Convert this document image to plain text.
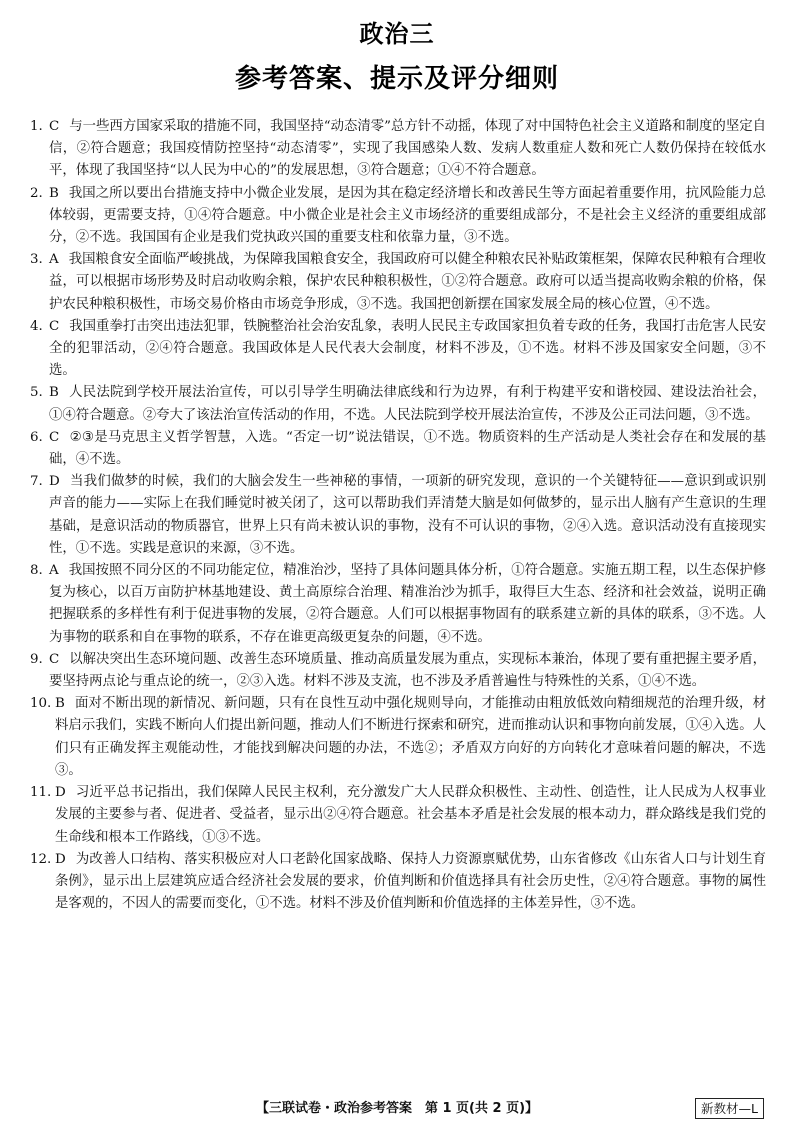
政治三
参考答案、提示及评分细则

1. C 与一些西方国家采取的措施不同，我国坚持“动态清零”总方针不动摇，体现了对中国特色社会主义道路和制度的坚定自信，②符合题意；我国疫情防控坚持“动态清零”，实现了我国感染人数、发病人数重症人数和死亡人数仍保持在较低水平，体现了我国坚持“以人民为中心的”的发展思想，③符合题意；①④不符合题意。

2. B 我国之所以要出台措施支持中小微企业发展，是因为其在稳定经济增长和改善民生等方面起着重要作用，抗风险能力总体较弱，更需要支持，①④符合题意。中小微企业是社会主义市场经济的重要组成部分，不是社会主义经济的重要组成部分，②不选。我国国有企业是我们党执政兴国的重要支柱和依靠力量，③不选。

3. A 我国粮食安全面临严峻挑战，为保障我国粮食安全，我国政府可以健全种粮农民补贴政策框架，保障农民种粮有合理收益，可以根据市场形势及时启动收购余粮，保护农民种粮积极性，①②符合题意。政府可以适当提高收购余粮的价格，保护农民种粮积极性，市场交易价格由市场竞争形成，③不选。我国把创新摆在国家发展全局的核心位置，④不选。

4. C 我国重拳打击突出违法犯罪，铁腕整治社会治安乱象，表明人民民主专政国家担负着专政的任务，我国打击危害人民安全的犯罪活动，②④符合题意。我国政体是人民代表大会制度，材料不涉及，①不选。材料不涉及国家安全问题，③不选。

5. B 人民法院到学校开展法治宣传，可以引导学生明确法律底线和行为边界，有利于构建平安和谐校园、建设法治社会，①④符合题意。②夸大了该法治宣传活动的作用，不选。人民法院到学校开展法治宣传，不涉及公正司法问题，③不选。

6. C ②③是马克思主义哲学智慧，入选。“否定一切”说法错误，①不选。物质资料的生产活动是人类社会存在和发展的基础，④不选。

7. D 当我们做梦的时候，我们的大脑会发生一些神秘的事情，一项新的研究发现，意识的一个关键特征——意识到或识别声音的能力——实际上在我们睡觉时被关闭了，这可以帮助我们弄清楚大脑是如何做梦的，显示出人脑有产生意识的生理基础，是意识活动的物质器官，世界上只有尚未被认识的事物，没有不可认识的事物，②④入选。意识活动没有直接现实性，①不选。实践是意识的来源，③不选。

8. A 我国按照不同分区的不同功能定位，精准治沙，坚持了具体问题具体分析，①符合题意。实施五期工程，以生态保护修复为核心，以百万亩防护林基地建设、黄土高原综合治理、精准治沙为抓手，取得巨大生态、经济和社会效益，说明正确把握联系的多样性有利于促进事物的发展，②符合题意。人们可以根据事物固有的联系建立新的具体的联系，③不选。人为事物的联系和自在事物的联系，不存在谁更高级更复杂的问题，④不选。

9. C 以解决突出生态环境问题、改善生态环境质量、推动高质量发展为重点，实现标本兼治，体现了要有重把握主要矛盾，要坚持两点论与重点论的统一，②③入选。材料不涉及支流，也不涉及矛盾普遍性与特殊性的关系，①④不选。

10. B 面对不断出现的新情况、新问题，只有在良性互动中强化规则导向，才能推动由粗放低效向精细规范的治理升级，材料启示我们，实践不断向人们提出新问题，推动人们不断进行探索和研究，进而推动认识和事物向前发展，①④入选。人们只有正确发挥主观能动性，才能找到解决问题的办法，不选②；矛盾双方向好的方向转化才意味着问题的解决，不选③。

11. D 习近平总书记指出，我们保障人民民主权利，充分激发广大人民群众积极性、主动性、创造性，让人民成为人权事业发展的主要参与者、促进者、受益者，显示出②④符合题意。社会基本矛盾是社会发展的根本动力，群众路线是我们党的生命线和根本工作路线，①③不选。

12. D 为改善人口结构、落实积极应对人口老龄化国家战略、保持人力资源禀赋优势，山东省修改《山东省人口与计划生育条例》，显示出上层建筑应适合经济社会发展的要求，价值判断和价值选择具有社会历史性，②④符合题意。事物的属性是客观的，不因人的需要而变化，①不选。材料不涉及价值判断和价值选择的主体差异性，③不选。

【三联试卷・政治参考答案　第 1 页(共 2 页)】	新教材—L
